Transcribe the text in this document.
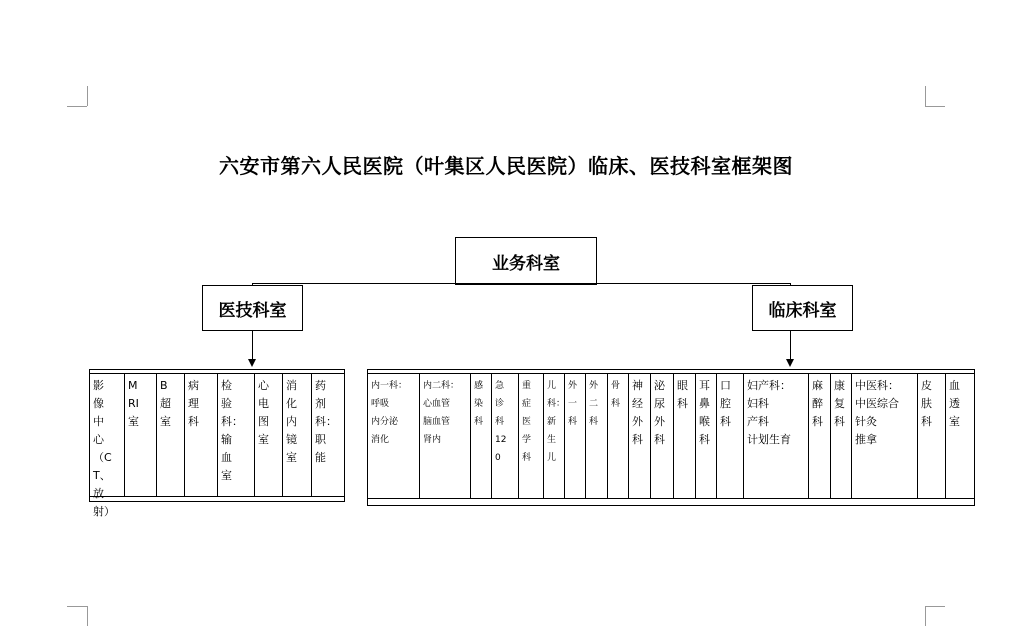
六安市第六人民医院（叶集区人民医院）临床、医技科室框架图
业务科室
医技科室	临床科室
影像中心（CT、放射）
MRI室
B超室
病理科
检验科：输血室
心电图室
消化内镜室
药剂科：职能
内一科：
呼吸
内分泌
消化
内二科：
心血管
脑血管
肾内
感染科
急诊科120
重症医学科
儿科：新生儿
外一科
外二科
骨科
神经外科
泌尿外科
眼科
耳鼻喉科
口腔科
妇产科：
妇科
产科
计划生育
麻醉科
康复科
中医科：
中医综合
针灸
推拿
皮肤科
血透室
